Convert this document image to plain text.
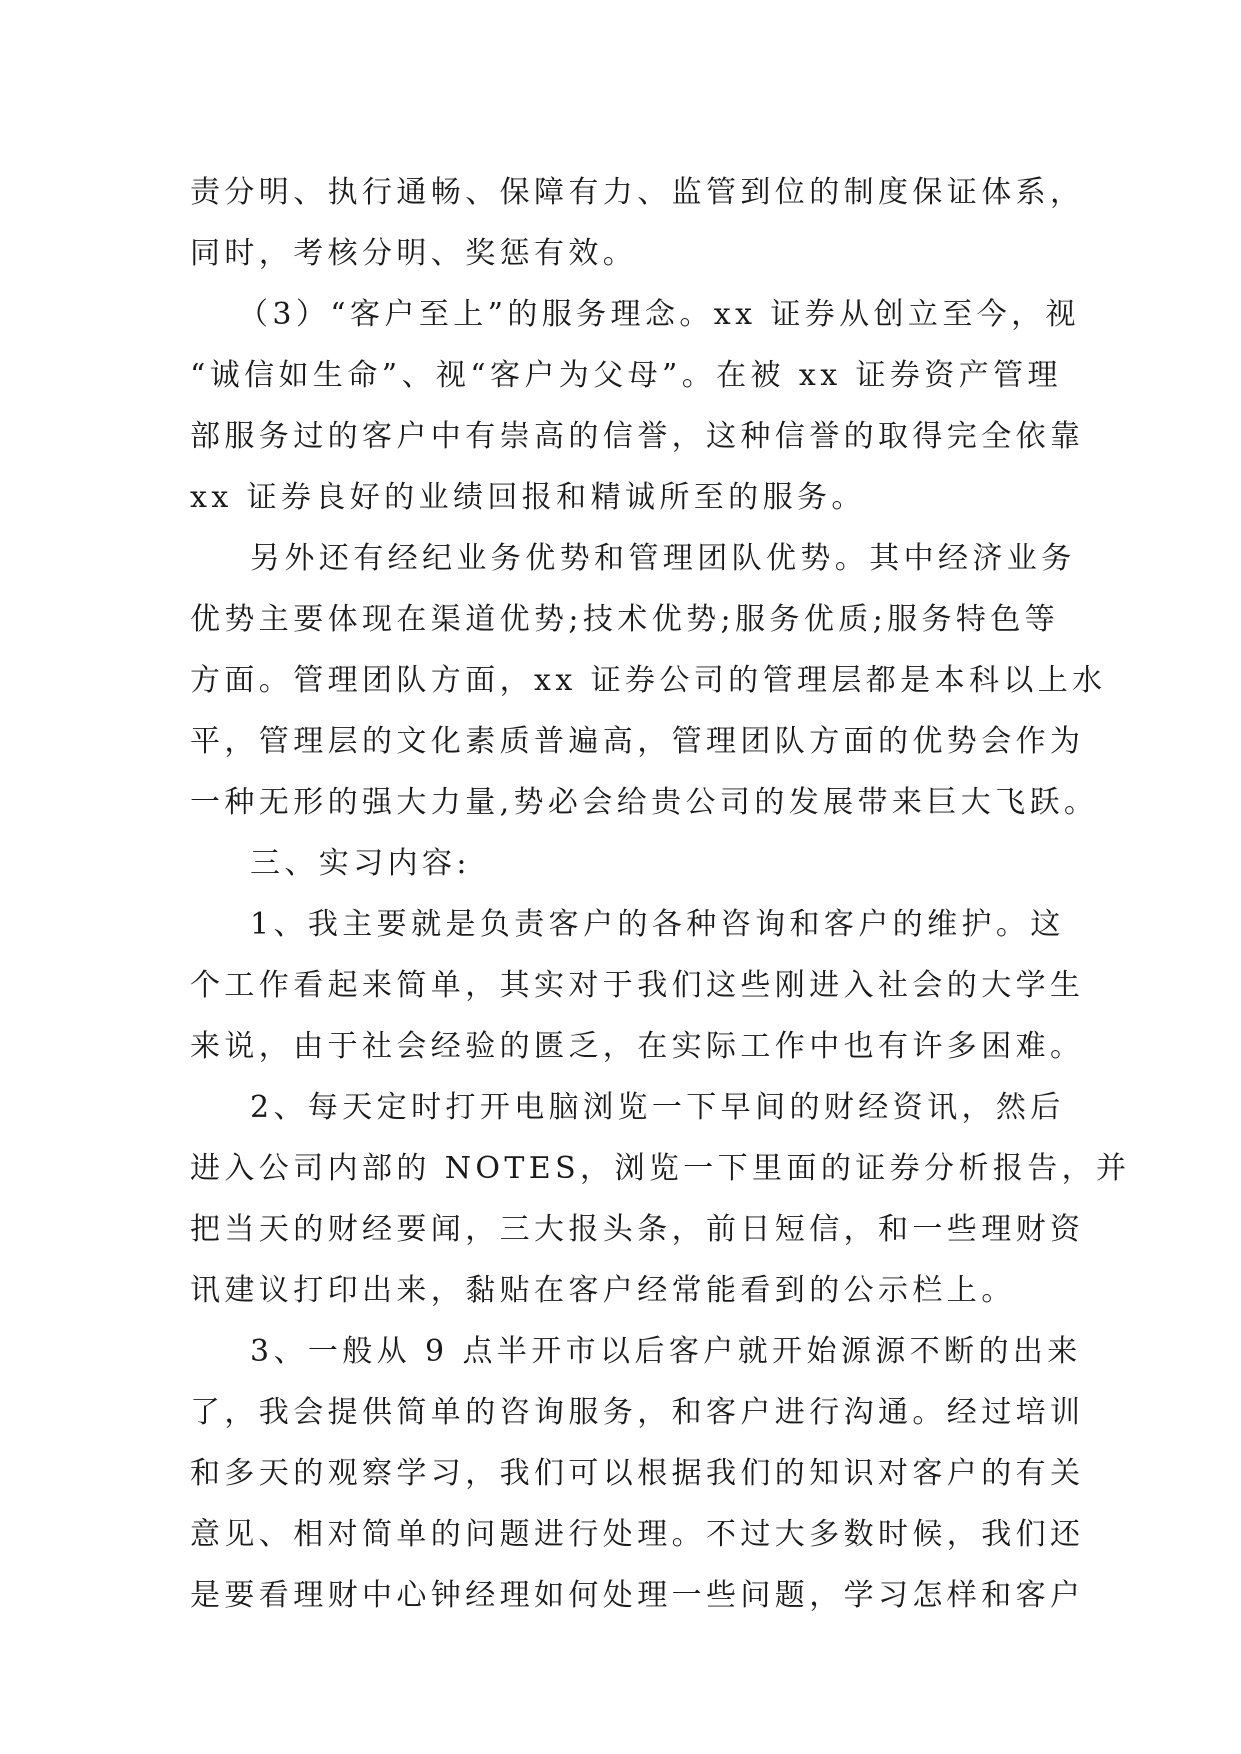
责分明、执行通畅、保障有力、监管到位的制度保证体系，
同时，考核分明、奖惩有效。

（3）“客户至上”的服务理念。xx 证券从创立至今，视
“诚信如生命”、视“客户为父母”。在被 xx 证券资产管理
部服务过的客户中有崇高的信誉，这种信誉的取得完全依靠
xx 证券良好的业绩回报和精诚所至的服务。

另外还有经纪业务优势和管理团队优势。其中经济业务
优势主要体现在渠道优势;技术优势;服务优质;服务特色等
方面。管理团队方面，xx 证券公司的管理层都是本科以上水
平，管理层的文化素质普遍高，管理团队方面的优势会作为
一种无形的强大力量,势必会给贵公司的发展带来巨大飞跃。

三、实习内容:

1、我主要就是负责客户的各种咨询和客户的维护。这
个工作看起来简单，其实对于我们这些刚进入社会的大学生
来说，由于社会经验的匮乏，在实际工作中也有许多困难。

2、每天定时打开电脑浏览一下早间的财经资讯，然后
进入公司内部的 NOTES，浏览一下里面的证券分析报告，并
把当天的财经要闻，三大报头条，前日短信，和一些理财资
讯建议打印出来，黏贴在客户经常能看到的公示栏上。

3、一般从 9 点半开市以后客户就开始源源不断的出来
了，我会提供简单的咨询服务，和客户进行沟通。经过培训
和多天的观察学习，我们可以根据我们的知识对客户的有关
意见、相对简单的问题进行处理。不过大多数时候，我们还
是要看理财中心钟经理如何处理一些问题，学习怎样和客户
